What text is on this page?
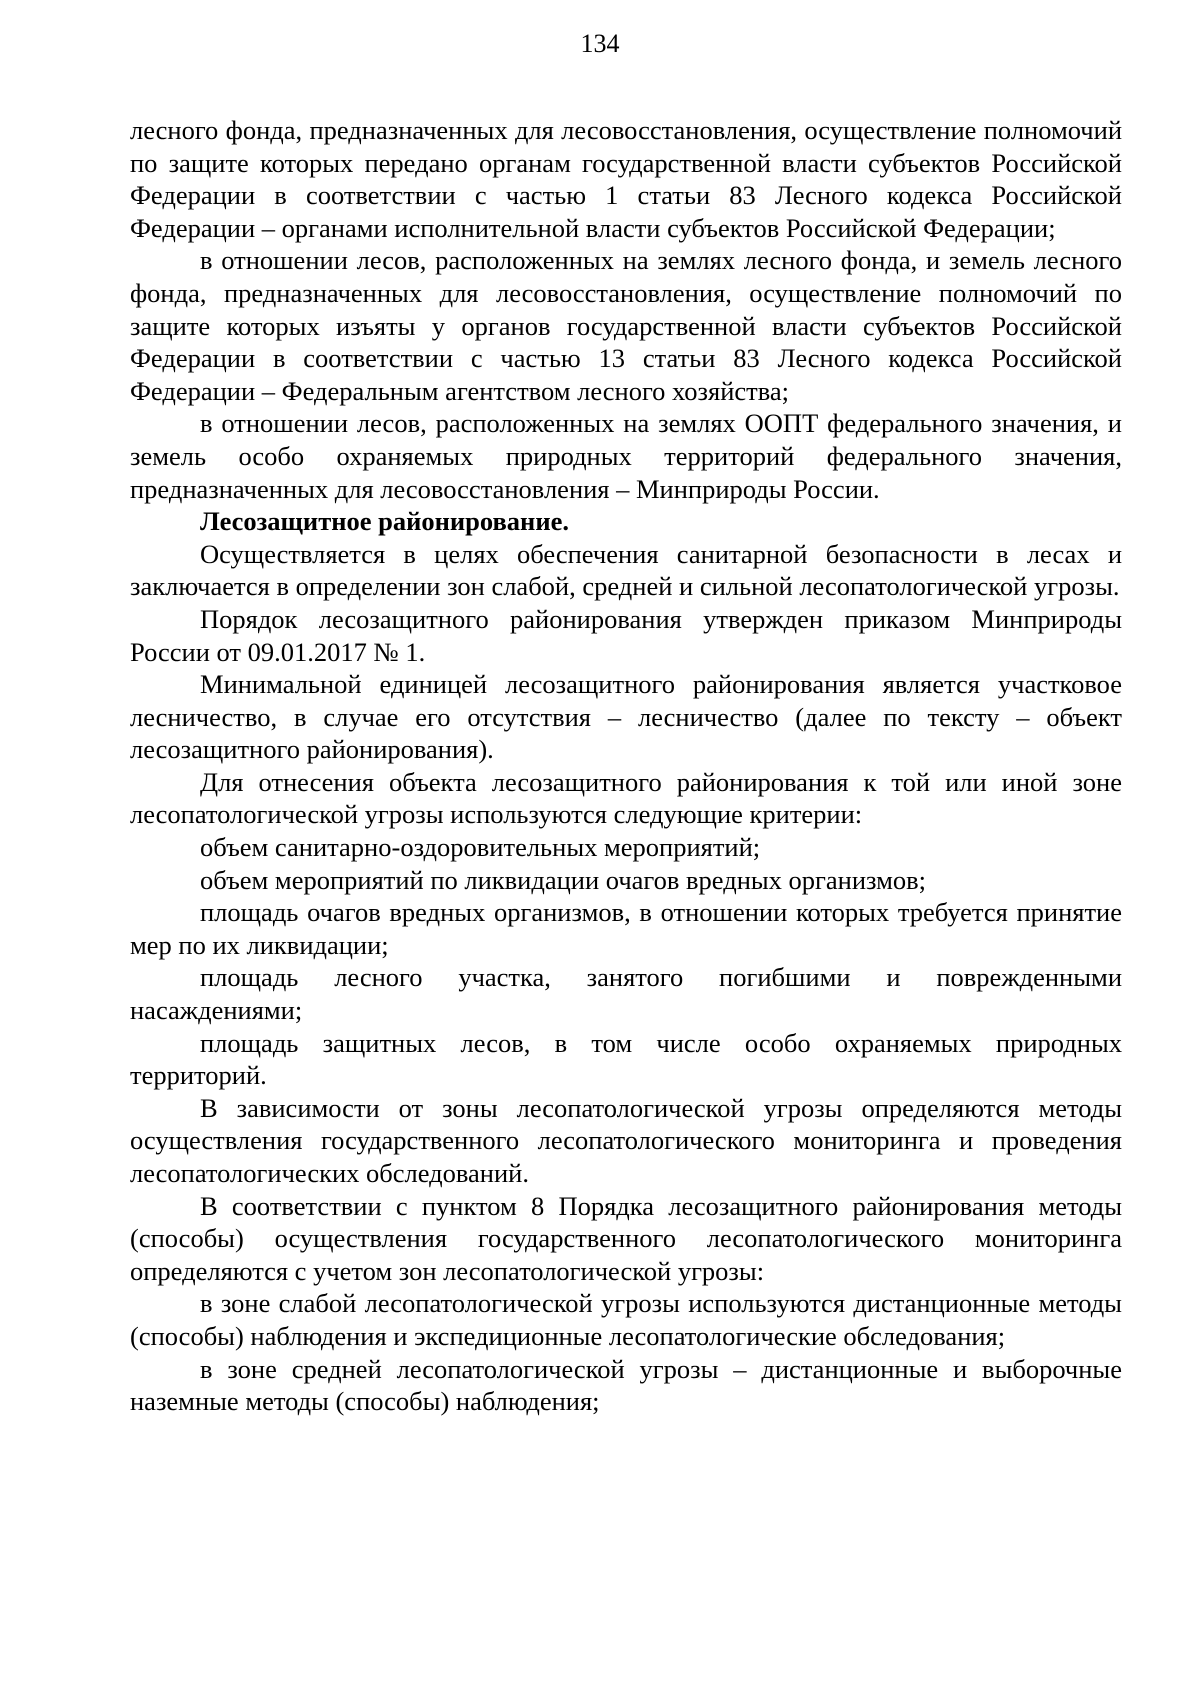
134

лесного фонда, предназначенных для лесовосстановления, осуществление полномочий по защите которых передано органам государственной власти субъектов Российской Федерации в соответствии с частью 1 статьи 83 Лесного кодекса Российской Федерации – органами исполнительной власти субъектов Российской Федерации;

в отношении лесов, расположенных на землях лесного фонда, и земель лесного фонда, предназначенных для лесовосстановления, осуществление полномочий по защите которых изъяты у органов государственной власти субъектов Российской Федерации в соответствии с частью 13 статьи 83 Лесного кодекса Российской Федерации – Федеральным агентством лесного хозяйства;

в отношении лесов, расположенных на землях ООПТ федерального значения, и земель особо охраняемых природных территорий федерального значения, предназначенных для лесовосстановления – Минприроды России.

Лесозащитное районирование.

Осуществляется в целях обеспечения санитарной безопасности в лесах и заключается в определении зон слабой, средней и сильной лесопатологической угрозы.

Порядок лесозащитного районирования утвержден приказом Минприроды России от 09.01.2017 № 1.

Минимальной единицей лесозащитного районирования является участковое лесничество, в случае его отсутствия – лесничество (далее по тексту – объект лесозащитного районирования).

Для отнесения объекта лесозащитного районирования к той или иной зоне лесопатологической угрозы используются следующие критерии:

объем санитарно-оздоровительных мероприятий;

объем мероприятий по ликвидации очагов вредных организмов;

площадь очагов вредных организмов, в отношении которых требуется принятие мер по их ликвидации;

площадь лесного участка, занятого погибшими и поврежденными насаждениями;

площадь защитных лесов, в том числе особо охраняемых природных территорий.

В зависимости от зоны лесопатологической угрозы определяются методы осуществления государственного лесопатологического мониторинга и проведения лесопатологических обследований.

В соответствии с пунктом 8 Порядка лесозащитного районирования методы (способы) осуществления государственного лесопатологического мониторинга определяются с учетом зон лесопатологической угрозы:

в зоне слабой лесопатологической угрозы используются дистанционные методы (способы) наблюдения и экспедиционные лесопатологические обследования;

в зоне средней лесопатологической угрозы – дистанционные и выборочные наземные методы (способы) наблюдения;
